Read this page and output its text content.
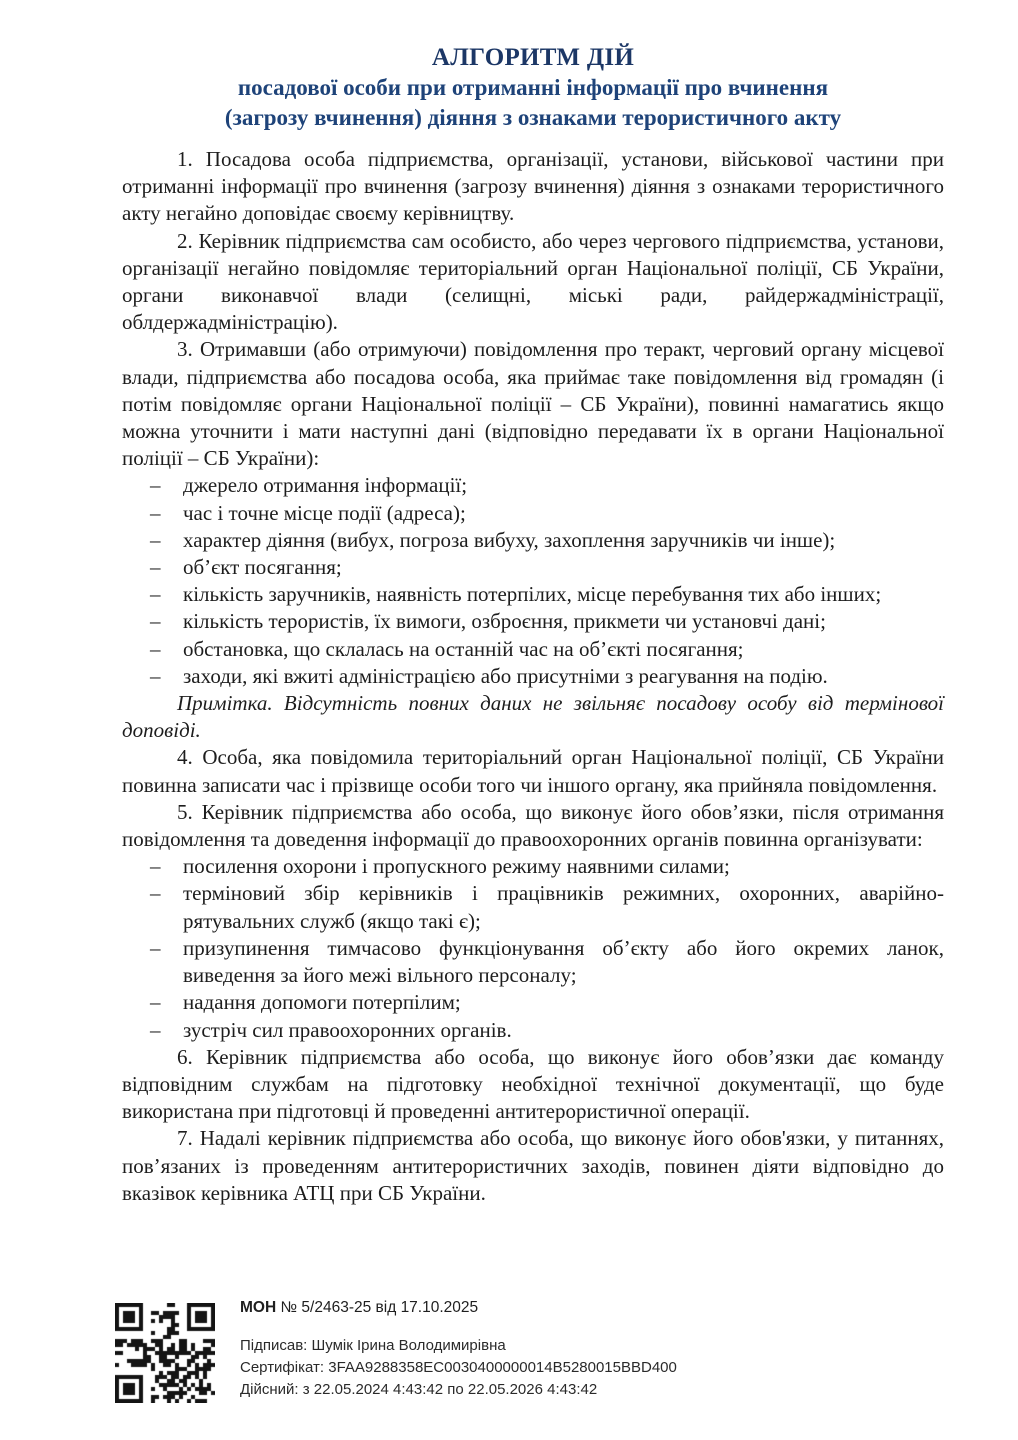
АЛГОРИТМ ДІЙ
посадової особи при отриманні інформації про вчинення
(загрозу вчинення) діяння з ознаками терористичного акту

1. Посадова особа підприємства, організації, установи, військової частини при отриманні інформації про вчинення (загрозу вчинення) діяння з ознаками терористичного акту негайно доповідає своєму керівництву.

2. Керівник підприємства сам особисто, або через чергового підприємства, установи, організації негайно повідомляє територіальний орган Національної поліції, СБ України, органи виконавчої влади (селищні, міські ради, райдержадміністрації, облдержадміністрацію).

3. Отримавши (або отримуючи) повідомлення про теракт, черговий органу місцевої влади, підприємства або посадова особа, яка приймає таке повідомлення від громадян (і потім повідомляє органи Національної поліції – СБ України), повинні намагатись якщо можна уточнити і мати наступні дані (відповідно передавати їх в органи Національної поліції – СБ України):

– джерело отримання інформації;
– час і точне місце події (адреса);
– характер діяння (вибух, погроза вибуху, захоплення заручників чи інше);
– об’єкт посягання;
– кількість заручників, наявність потерпілих, місце перебування тих або інших;
– кількість терористів, їх вимоги, озброєння, прикмети чи установчі дані;
– обстановка, що склалась на останній час на об’єкті посягання;
– заходи, які вжиті адміністрацією або присутніми з реагування на подію.

Примітка. Відсутність повних даних не звільняє посадову особу від термінової доповіді.

4. Особа, яка повідомила територіальний орган Національної поліції, СБ України повинна записати час і прізвище особи того чи іншого органу, яка прийняла повідомлення.

5. Керівник підприємства або особа, що виконує його обов’язки, після отримання повідомлення та доведення інформації до правоохоронних органів повинна організувати:

– посилення охорони і пропускного режиму наявними силами;
– терміновий збір керівників і працівників режимних, охоронних, аварійно-рятувальних служб (якщо такі є);
– призупинення тимчасово функціонування об’єкту або його окремих ланок, виведення за його межі вільного персоналу;
– надання допомоги потерпілим;
– зустріч сил правоохоронних органів.

6. Керівник підприємства або особа, що виконує його обов’язки дає команду відповідним службам на підготовку необхідної технічної документації, що буде використана при підготовці й проведенні антитерористичної операції.

7. Надалі керівник підприємства або особа, що виконує його обов'язки, у питаннях, пов’язаних із проведенням антитерористичних заходів, повинен діяти відповідно до вказівок керівника АТЦ при СБ України.

МОН № 5/2463-25 від 17.10.2025
Підписав: Шумік Ірина Володимирівна
Сертифікат: 3FAA9288358EC0030400000014B5280015BBD400
Дійсний: з 22.05.2024 4:43:42 по 22.05.2026 4:43:42
